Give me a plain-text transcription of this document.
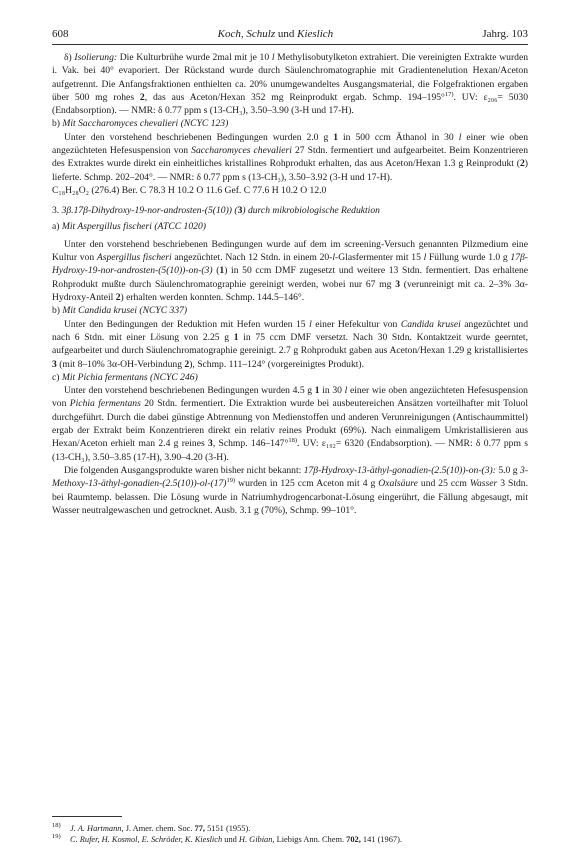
608	Koch, Schulz und Kieslich	Jahrg. 103

δ) Isolierung: Die Kulturbrühe wurde 2mal mit je 10 l Methylisobutylketon extrahiert. Die vereinigten Extrakte wurden i. Vak. bei 40° evaporiert. Der Rückstand wurde durch Säulenchromatographie mit Gradientenelution Hexan/Aceton aufgetrennt. Die Anfangsfraktionen enthielten ca. 20% unumgewandeltes Ausgangsmaterial, die Folgefraktionen ergaben über 500 mg rohes 2, das aus Aceton/Hexan 352 mg Reinprodukt ergab. Schmp. 194–195°$^{17)}$. UV: ε₂₀₆= 5030 (Endabsorption). — NMR: δ 0.77 ppm s (13-CH₃), 3.50–3.90 (3-H und 17-H).

b) Mit Saccharomyces chevalieri (NCYC 123)

Unter den vorstehend beschriebenen Bedingungen wurden 2.0 g 1 in 500 ccm Äthanol in 30 l einer wie oben angezüchteten Hefesuspension von Saccharomyces chevalieri 27 Stdn. fermentiert und aufgearbeitet. Beim Konzentrieren des Extraktes wurde direkt ein einheitliches kristallines Rohprodukt erhalten, das aus Aceton/Hexan 1.3 g Reinprodukt (2) lieferte. Schmp. 202–204°. — NMR: δ 0.77 ppm s (13-CH₃), 3.50–3.92 (3-H und 17-H).

C₁₈H₂₈O₂ (276.4) Ber. C 78.3 H 10.2 O 11.6 Gef. C 77.6 H 10.2 O 12.0

3. 3β.17β-Dihydroxy-19-nor-androsten-(5(10)) (3) durch mikrobiologische Reduktion

a) Mit Aspergillus fischeri (ATCC 1020)

Unter den vorstehend beschriebenen Bedingungen wurde auf dem im screening-Versuch genannten Pilzmedium eine Kultur von Aspergillus fischeri angezüchtet. Nach 12 Stdn. in einem 20-l-Glasfermenter mit 15 l Füllung wurde 1.0 g 17β-Hydroxy-19-nor-androsten-(5(10))-on-(3) (1) in 50 ccm DMF zugesetzt und weitere 13 Stdn. fermentiert. Das erhaltene Rohprodukt mußte durch Säulenchromatographie gereinigt werden, wobei nur 67 mg 3 (verunreinigt mit ca. 2–3% 3α-Hydroxy-Anteil 2) erhalten werden konnten. Schmp. 144.5–146°.

b) Mit Candida krusei (NCYC 337)

Unter den Bedingungen der Reduktion mit Hefen wurden 15 l einer Hefekultur von Candida krusei angezüchtet und nach 6 Stdn. mit einer Lösung von 2.25 g 1 in 75 ccm DMF versetzt. Nach 30 Stdn. Kontaktzeit wurde geerntet, aufgearbeitet und durch Säulenchromatographie gereinigt. 2.7 g Rohprodukt gaben aus Aceton/Hexan 1.29 g kristallisiertes 3 (mit 8–10% 3α-OH-Verbindung 2), Schmp. 111–124° (vorgereinigtes Produkt).

c) Mit Pichia fermentans (NCYC 246)

Unter den vorstehend beschriebenen Bedingungen wurden 4.5 g 1 in 30 l einer wie oben angezüchteten Hefesuspension von Pichia fermentans 20 Stdn. fermentiert. Die Extraktion wurde bei ausbeutereichen Ansätzen vorteilhafter mit Toluol durchgeführt. Durch die dabei günstige Abtrennung von Medienstoffen und anderen Verunreinigungen (Antischaummittel) ergab der Extrakt beim Konzentrieren direkt ein relativ reines Produkt (69%). Nach einmaligem Umkristallisieren aus Hexan/Aceton erhielt man 2.4 g reines 3, Schmp. 146–147°$^{18)}$. UV: ε₁₉₂= 6320 (Endabsorption). — NMR: δ 0.77 ppm s (13-CH₃), 3.50–3.85 (17-H), 3.90–4.20 (3-H).

Die folgenden Ausgangsprodukte waren bisher nicht bekannt: 17β-Hydroxy-13-äthyl-gonadien-(2.5(10))-on-(3): 5.0 g $3-Methoxy-13-äthyl-gonadien-(2.5(10))-ol-(17)^{19)}$ wurden in 125 ccm Aceton mit 4 g Oxalsäure und 25 ccm Wasser 3 Stdn. bei Raumtemp. belassen. Die Lösung wurde in Natriumhydrogencarbonat-Lösung eingerührt, die Fällung abgesaugt, mit Wasser neutralgewaschen und getrocknet. Ausb. 3.1 g (70%), Schmp. 99–101°.

$^{18)}$	J. A. Hartmann, J. Amer. chem. Soc. 77, 5151 (1955).
$^{19)}$	C. Rufer, H. Kosmol, E. Schröder, K. Kieslich und H. Gibian, Liebigs Ann. Chem. 702, 141 (1967).
